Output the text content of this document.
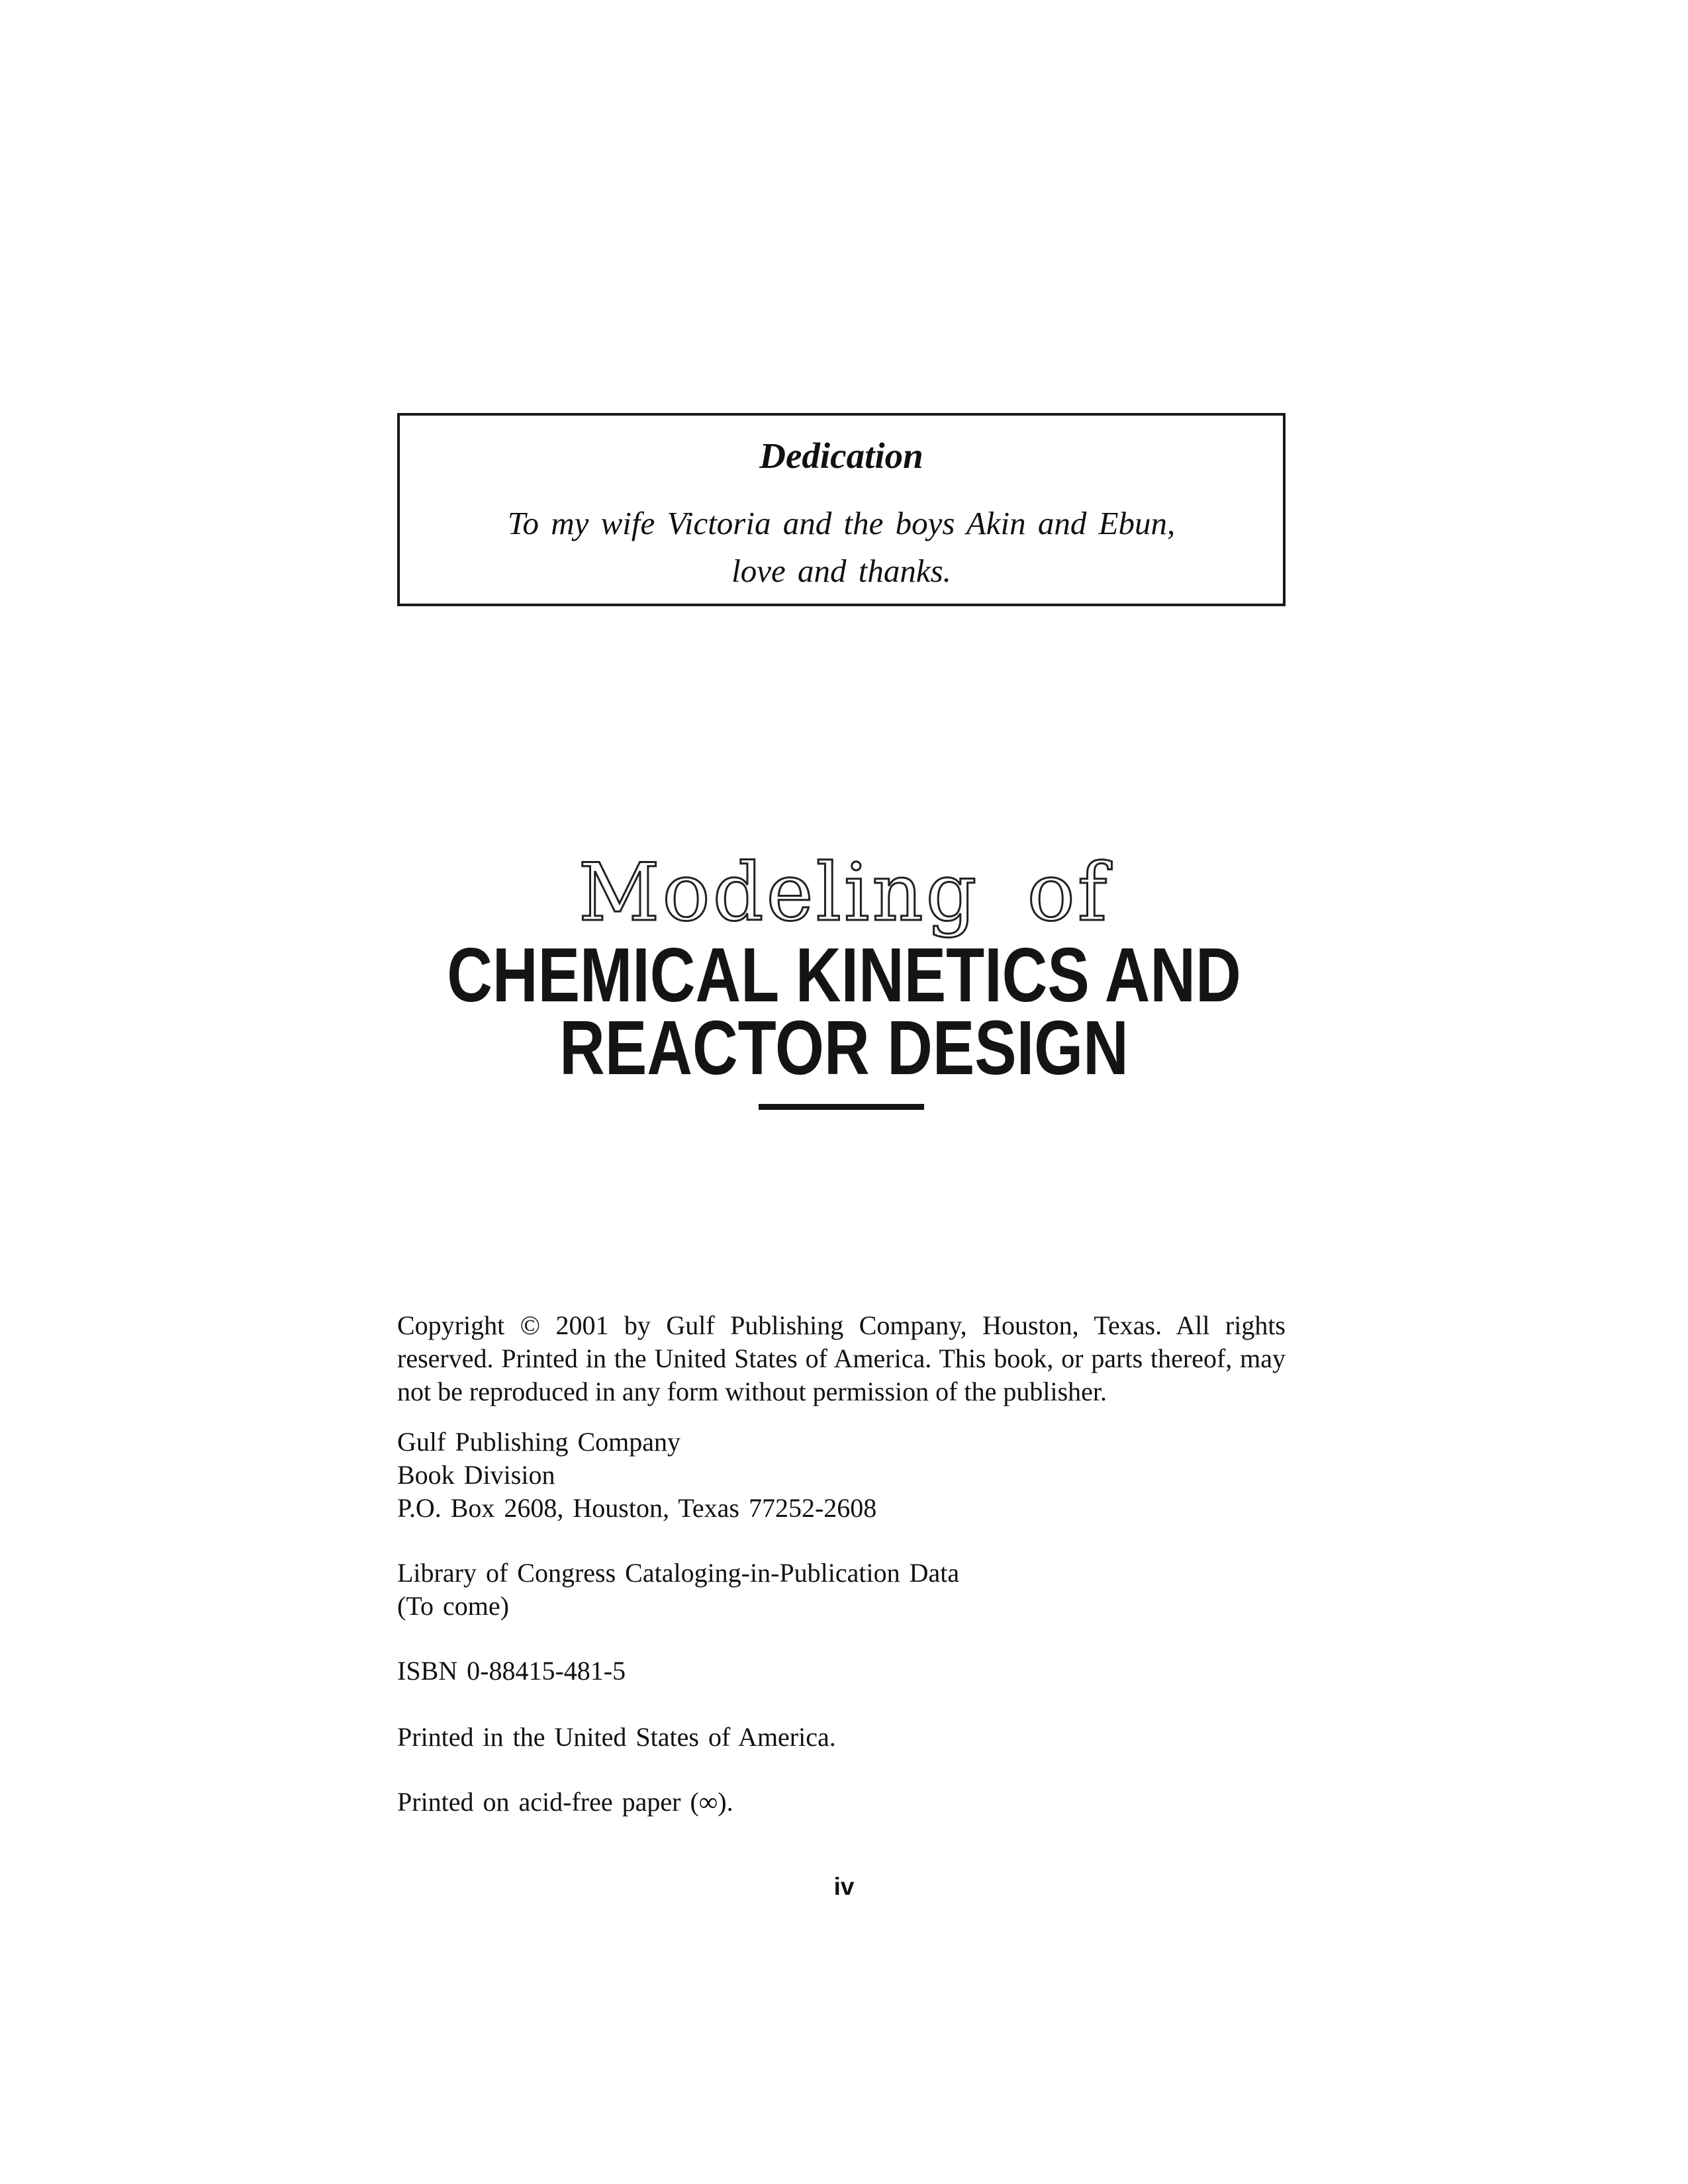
Dedication
To my wife Victoria and the boys Akin and Ebun,
love and thanks.
Modeling of
CHEMICAL KINETICS AND
REACTOR DESIGN
Copyright © 2001 by Gulf Publishing Company, Houston, Texas. All rights reserved. Printed in the United States of America. This book, or parts thereof, may not be reproduced in any form without permission of the publisher.
Gulf Publishing Company
Book Division
P.O. Box 2608, Houston, Texas 77252-2608
Library of Congress Cataloging-in-Publication Data
(To come)
ISBN 0-88415-481-5
Printed in the United States of America.
Printed on acid-free paper (∞).
iv
